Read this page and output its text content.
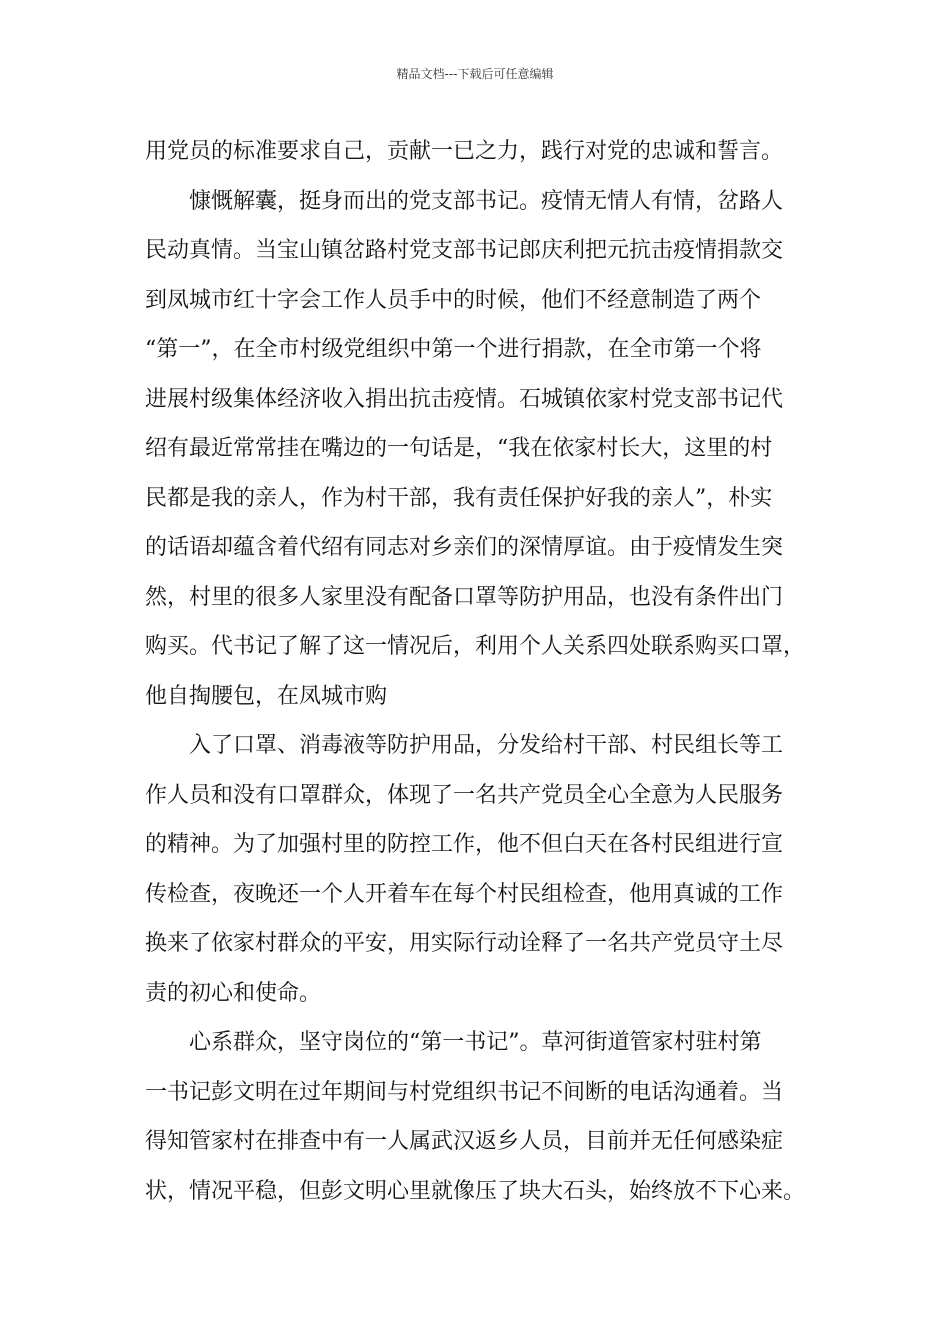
精品文档---下载后可任意编辑
用党员的标准要求自己，贡献一已之力，践行对党的忠诚和誓言。
慷慨解囊，挺身而出的党支部书记。疫情无情人有情，岔路人
民动真情。当宝山镇岔路村党支部书记郎庆利把元抗击疫情捐款交
到凤城市红十字会工作人员手中的时候，他们不经意制造了两个
“第一”，在全市村级党组织中第一个进行捐款，在全市第一个将
进展村级集体经济收入捐出抗击疫情。石城镇依家村党支部书记代
绍有最近常常挂在嘴边的一句话是，“我在依家村长大，这里的村
民都是我的亲人，作为村干部，我有责任保护好我的亲人”，朴实
的话语却蕴含着代绍有同志对乡亲们的深情厚谊。由于疫情发生突
然，村里的很多人家里没有配备口罩等防护用品，也没有条件出门
购买。代书记了解了这一情况后，利用个人关系四处联系购买口罩，
他自掏腰包，在凤城市购
入了口罩、消毒液等防护用品，分发给村干部、村民组长等工
作人员和没有口罩群众，体现了一名共产党员全心全意为人民服务
的精神。为了加强村里的防控工作，他不但白天在各村民组进行宣
传检查，夜晚还一个人开着车在每个村民组检查，他用真诚的工作
换来了依家村群众的平安，用实际行动诠释了一名共产党员守土尽
责的初心和使命。
心系群众，坚守岗位的“第一书记”。草河街道管家村驻村第
一书记彭文明在过年期间与村党组织书记不间断的电话沟通着。当
得知管家村在排查中有一人属武汉返乡人员，目前并无任何感染症
状，情况平稳，但彭文明心里就像压了块大石头，始终放不下心来。
